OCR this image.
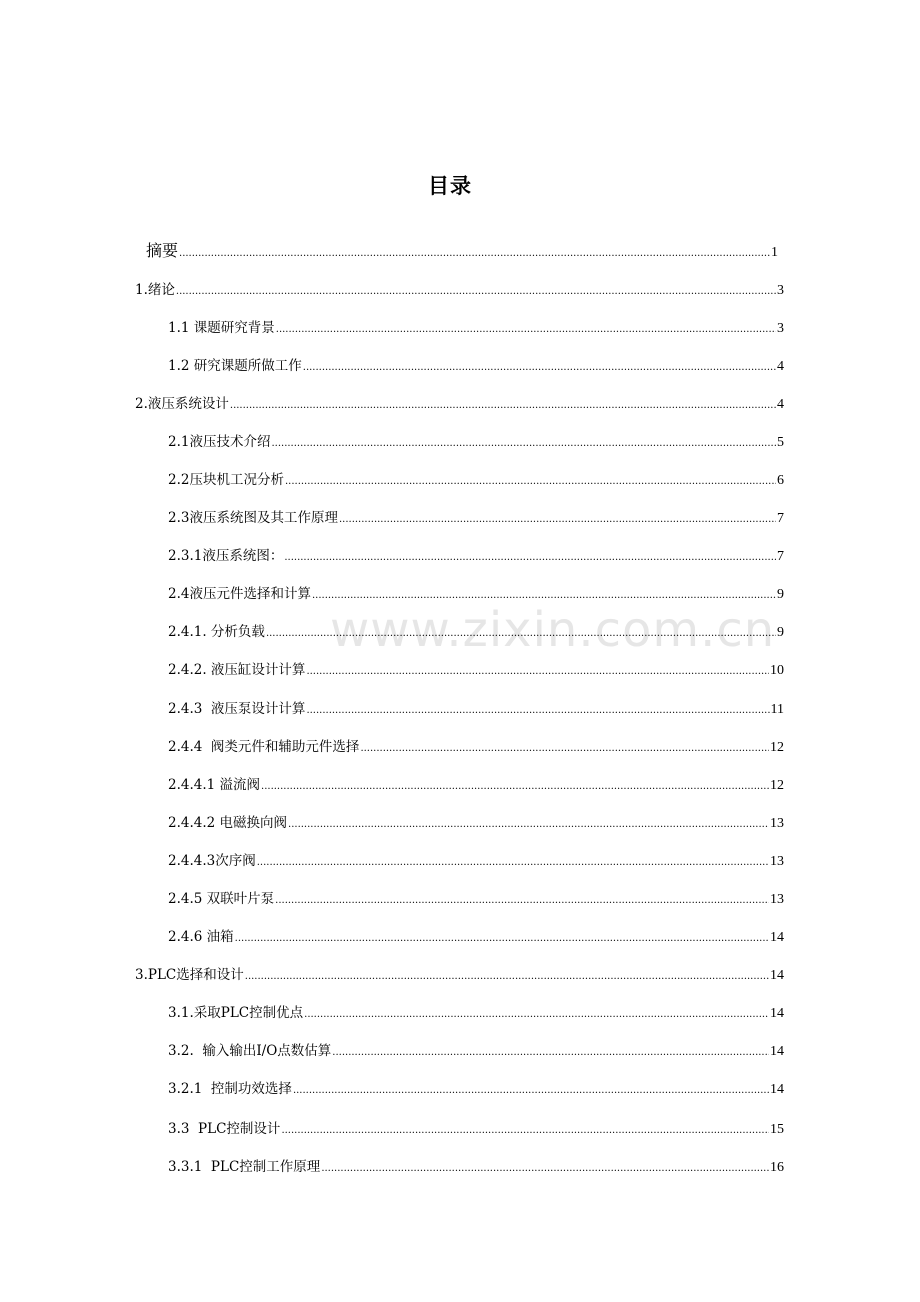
目录
www.zixin.com.cn
摘要 .....	1
1.绪论 .....	3
1.1 课题研究背景 .....	3
1.2 研究课题所做工作 .....	4
2.液压系统设计 .....	4
2.1液压技术介绍 .....	5
2.2压块机工况分析 .....	6
2.3液压系统图及其工作原理 .....	7
2.3.1液压系统图： .....	7
2.4液压元件选择和计算 .....	9
2.4.1. 分析负载 .....	9
2.4.2. 液压缸设计计算 .....	10
2.4.3  液压泵设计计算 .....	11
2.4.4  阀类元件和辅助元件选择 .....	12
2.4.4.1 溢流阀 .....	12
2.4.4.2 电磁换向阀 .....	13
2.4.4.3次序阀 .....	13
2.4.5 双联叶片泵 .....	13
2.4.6 油箱 .....	14
3.PLC选择和设计 .....	14
3.1.采取PLC控制优点 .....	14
3.2.  输入输出I/O点数估算 .....	14
3.2.1  控制功效选择 .....	14
3.3  PLC控制设计 .....	15
3.3.1  PLC控制工作原理 .....	16
